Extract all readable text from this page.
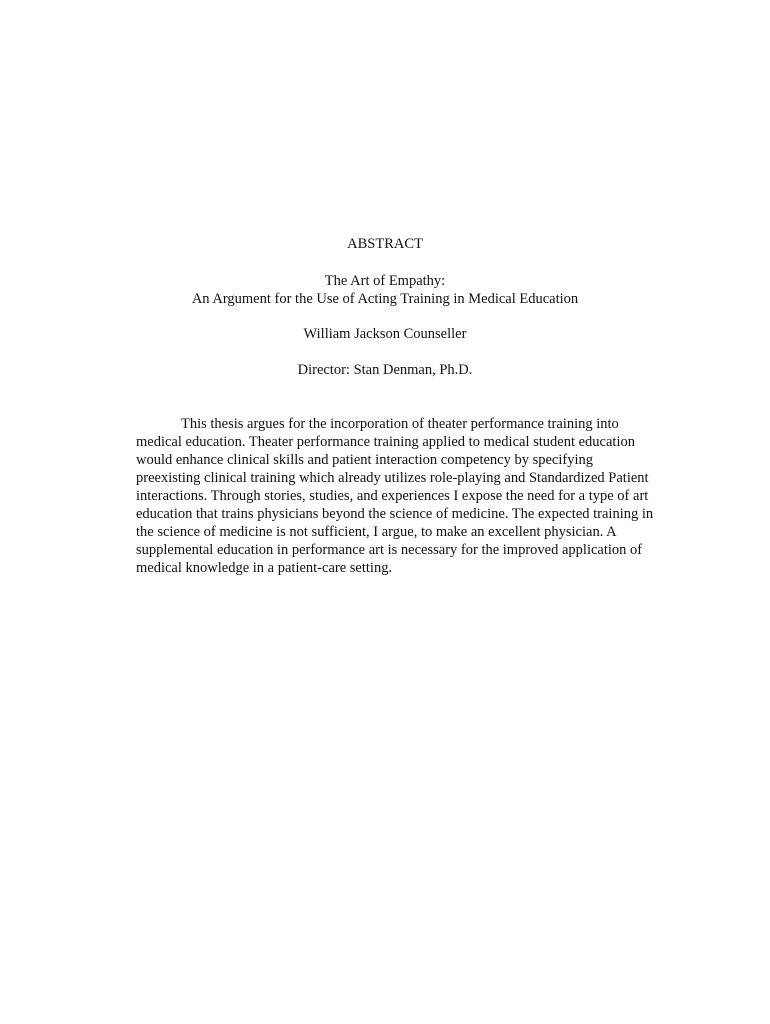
ABSTRACT
The Art of Empathy:
An Argument for the Use of Acting Training in Medical Education
William Jackson Counseller
Director: Stan Denman, Ph.D.
This thesis argues for the incorporation of theater performance training into
medical education. Theater performance training applied to medical student education
would enhance clinical skills and patient interaction competency by specifying
preexisting clinical training which already utilizes role-playing and Standardized Patient
interactions. Through stories, studies, and experiences I expose the need for a type of art
education that trains physicians beyond the science of medicine. The expected training in
the science of medicine is not sufficient, I argue, to make an excellent physician. A
supplemental education in performance art is necessary for the improved application of
medical knowledge in a patient-care setting.
